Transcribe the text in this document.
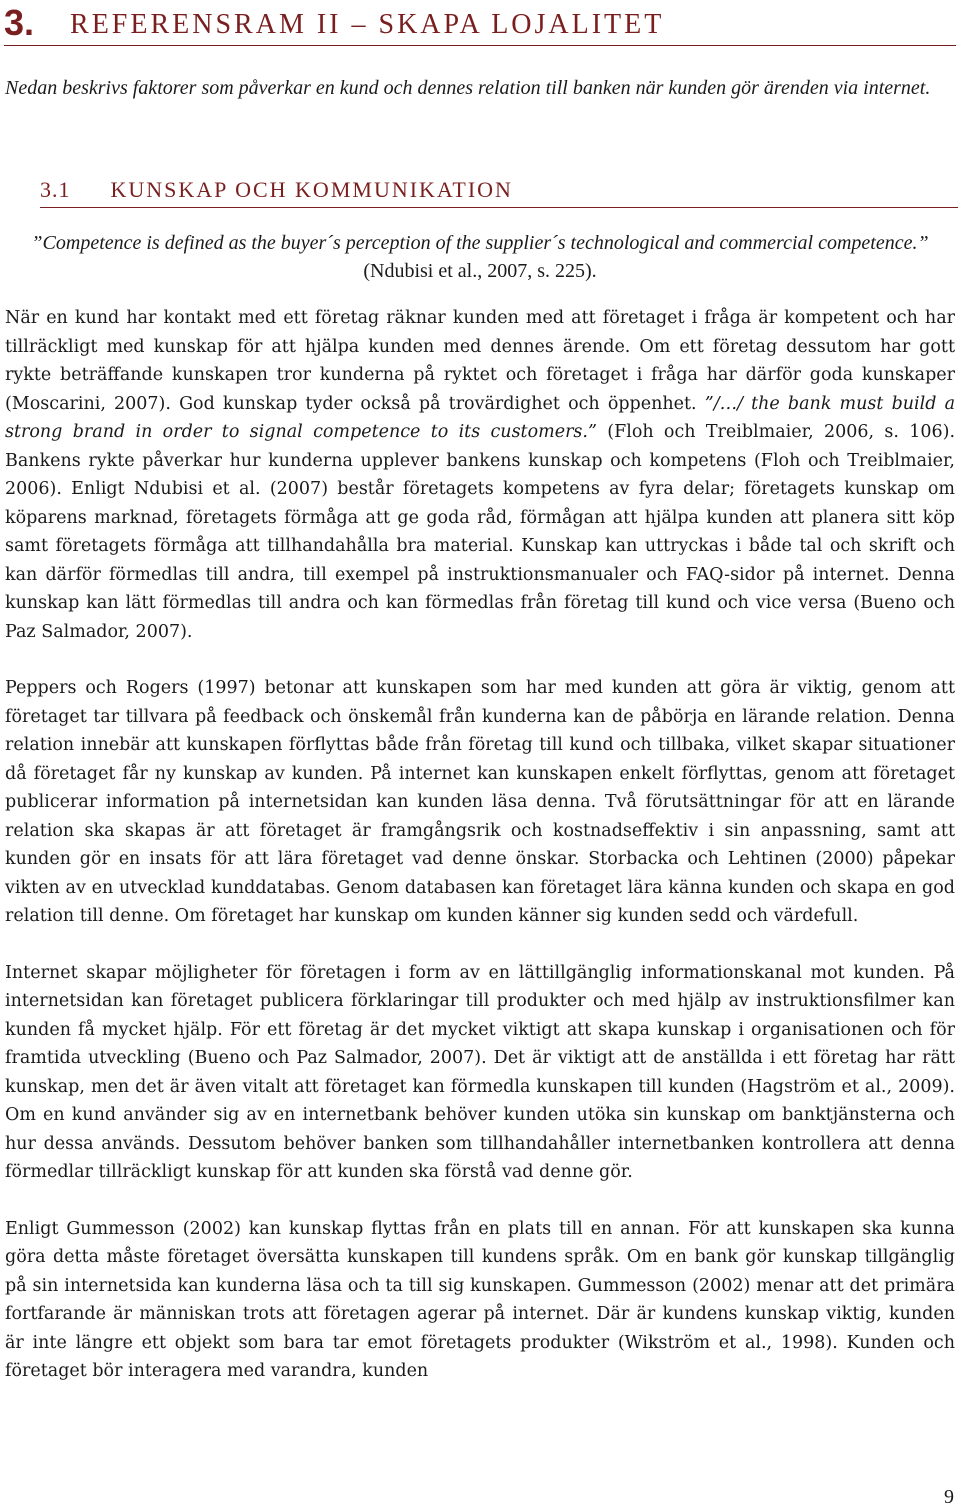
3. REFERENSRAM II – SKAPA LOJALITET
Nedan beskrivs faktorer som påverkar en kund och dennes relation till banken när kunden gör ärenden via internet.
3.1 KUNSKAP OCH KOMMUNIKATION
”Competence is defined as the buyer´s perception of the supplier´s technological and commercial competence.” (Ndubisi et al., 2007, s. 225).

När en kund har kontakt med ett företag räknar kunden med att företaget i fråga är kompetent och har tillräckligt med kunskap för att hjälpa kunden med dennes ärende. Om ett företag dessutom har gott rykte beträffande kunskapen tror kunderna på ryktet och företaget i fråga har därför goda kunskaper (Moscarini, 2007). God kunskap tyder också på trovärdighet och öppenhet. ”/…/ the bank must build a strong brand in order to signal competence to its customers.” (Floh och Treiblmaier, 2006, s. 106). Bankens rykte påverkar hur kunderna upplever bankens kunskap och kompetens (Floh och Treiblmaier, 2006). Enligt Ndubisi et al. (2007) består företagets kompetens av fyra delar; företagets kunskap om köparens marknad, företagets förmåga att ge goda råd, förmågan att hjälpa kunden att planera sitt köp samt företagets förmåga att tillhandahålla bra material. Kunskap kan uttryckas i både tal och skrift och kan därför förmedlas till andra, till exempel på instruktionsmanualer och FAQ-sidor på internet. Denna kunskap kan lätt förmedlas till andra och kan förmedlas från företag till kund och vice versa (Bueno och Paz Salmador, 2007).

Peppers och Rogers (1997) betonar att kunskapen som har med kunden att göra är viktig, genom att företaget tar tillvara på feedback och önskemål från kunderna kan de påbörja en lärande relation. Denna relation innebär att kunskapen förflyttas både från företag till kund och tillbaka, vilket skapar situationer då företaget får ny kunskap av kunden. På internet kan kunskapen enkelt förflyttas, genom att företaget publicerar information på internetsidan kan kunden läsa denna. Två förutsättningar för att en lärande relation ska skapas är att företaget är framgångsrik och kostnadseffektiv i sin anpassning, samt att kunden gör en insats för att lära företaget vad denne önskar. Storbacka och Lehtinen (2000) påpekar vikten av en utvecklad kunddatabas. Genom databasen kan företaget lära känna kunden och skapa en god relation till denne. Om företaget har kunskap om kunden känner sig kunden sedd och värdefull.

Internet skapar möjligheter för företagen i form av en lättillgänglig informationskanal mot kunden. På internetsidan kan företaget publicera förklaringar till produkter och med hjälp av instruktionsfilmer kan kunden få mycket hjälp. För ett företag är det mycket viktigt att skapa kunskap i organisationen och för framtida utveckling (Bueno och Paz Salmador, 2007). Det är viktigt att de anställda i ett företag har rätt kunskap, men det är även vitalt att företaget kan förmedla kunskapen till kunden (Hagström et al., 2009). Om en kund använder sig av en internetbank behöver kunden utöka sin kunskap om banktjänsterna och hur dessa används. Dessutom behöver banken som tillhandahåller internetbanken kontrollera att denna förmedlar tillräckligt kunskap för att kunden ska förstå vad denne gör.

Enligt Gummesson (2002) kan kunskap flyttas från en plats till en annan. För att kunskapen ska kunna göra detta måste företaget översätta kunskapen till kundens språk. Om en bank gör kunskap tillgänglig på sin internetsida kan kunderna läsa och ta till sig kunskapen. Gummesson (2002) menar att det primära fortfarande är människan trots att företagen agerar på internet. Där är kundens kunskap viktig, kunden är inte längre ett objekt som bara tar emot företagets produkter (Wikström et al., 1998). Kunden och företaget bör interagera med varandra, kunden

9
